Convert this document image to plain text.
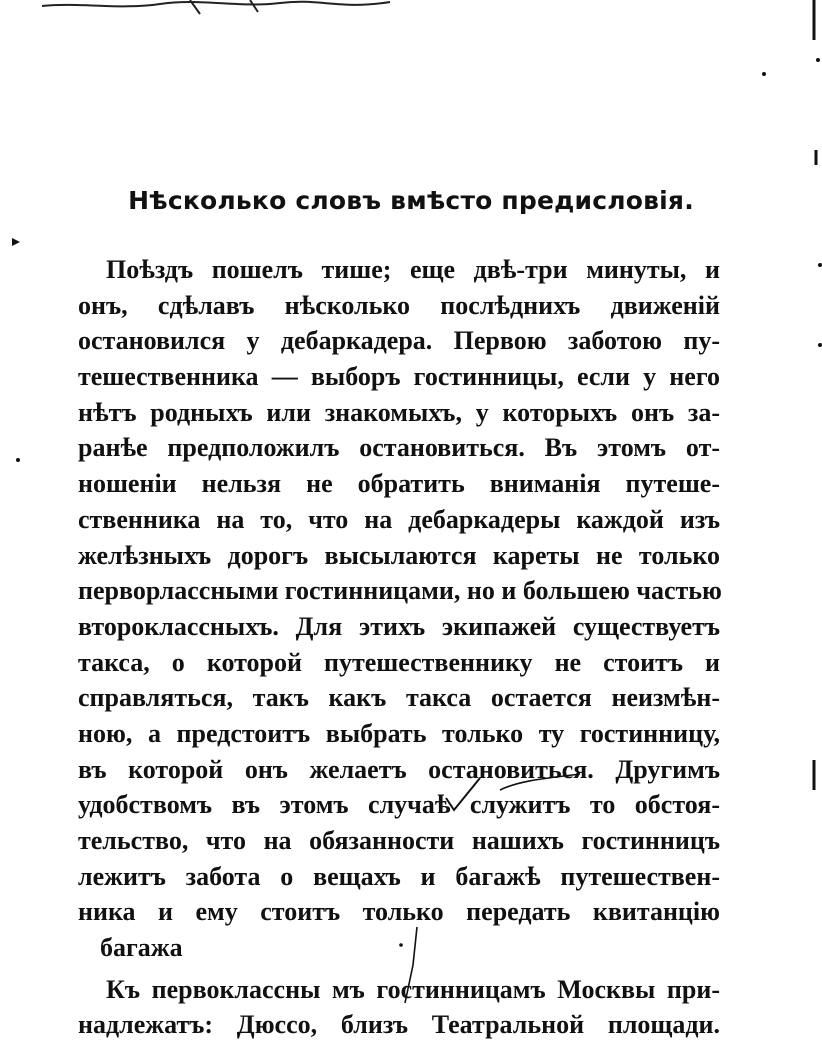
Нѣсколько словъ вмѣсто предисловія.
Поѣздъ пошелъ тише; еще двѣ-три минуты, и
онъ, сдѣлавъ нѣсколько послѣднихъ движеній
остановился у дебаркадера. Первою заботою пу-
тешественника — выборъ гостинницы, если у него
нѣтъ родныхъ или знакомыхъ, у которыхъ онъ за-
ранѣе предположилъ остановиться. Въ этомъ от-
ношеніи нельзя не обратить вниманія путеше-
ственника на то, что на дебаркадеры каждой изъ
желѣзныхъ дорогъ высылаются кареты не только
перворлассными гостинницами, но и большею частью
второклассныхъ. Для этихъ экипажей существуетъ
такса, о которой путешественнику не стоитъ и
справляться, такъ какъ такса остается неизмѣн-
ною, а предстоитъ выбрать только ту гостинницу,
въ которой онъ желаетъ остановиться. Другимъ
удобствомъ въ этомъ случаѣ служитъ то обстоя-
тельство, что на обязанности нашихъ гостинницъ
лежитъ забота о вещахъ и багажѣ путешествен-
ника и ему стоитъ только передать квитанцію
багажа
Къ первоклассны мъ гостинницамъ Москвы при-
надлежатъ: Дюссо, близъ Театральной площади.
